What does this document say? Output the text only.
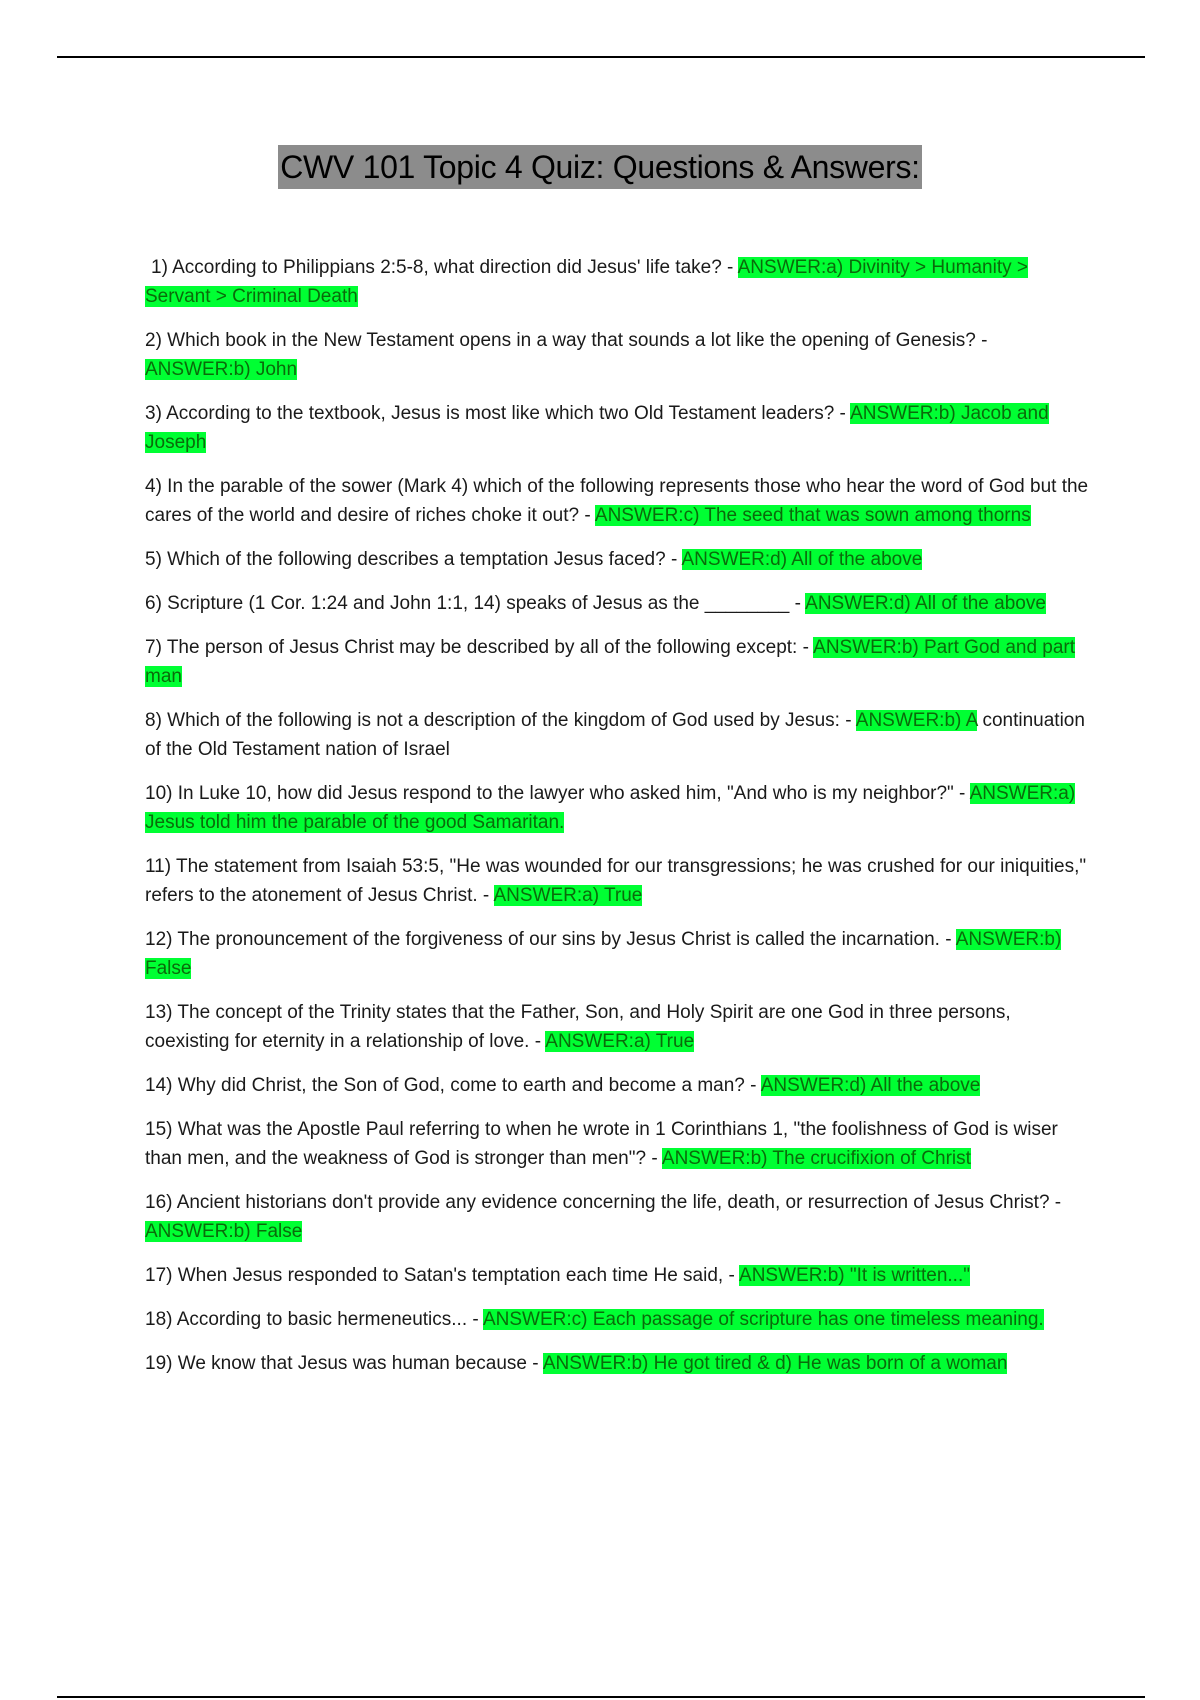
CWV 101 Topic 4 Quiz: Questions & Answers:

1) According to Philippians 2:5-8, what direction did Jesus' life take? - ANSWER:a) Divinity > Humanity > Servant > Criminal Death

2) Which book in the New Testament opens in a way that sounds a lot like the opening of Genesis? - ANSWER:b) John

3) According to the textbook, Jesus is most like which two Old Testament leaders? - ANSWER:b) Jacob and Joseph

4) In the parable of the sower (Mark 4) which of the following represents those who hear the word of God but the cares of the world and desire of riches choke it out? - ANSWER:c) The seed that was sown among thorns

5) Which of the following describes a temptation Jesus faced? - ANSWER:d) All of the above

6) Scripture (1 Cor. 1:24 and John 1:1, 14) speaks of Jesus as the ________ - ANSWER:d) All of the above

7) The person of Jesus Christ may be described by all of the following except: - ANSWER:b) Part God and part man

8) Which of the following is not a description of the kingdom of God used by Jesus: - ANSWER:b) A continuation of the Old Testament nation of Israel

10) In Luke 10, how did Jesus respond to the lawyer who asked him, "And who is my neighbor?" - ANSWER:a) Jesus told him the parable of the good Samaritan.

11) The statement from Isaiah 53:5, "He was wounded for our transgressions; he was crushed for our iniquities," refers to the atonement of Jesus Christ. - ANSWER:a) True

12) The pronouncement of the forgiveness of our sins by Jesus Christ is called the incarnation. - ANSWER:b) False

13) The concept of the Trinity states that the Father, Son, and Holy Spirit are one God in three persons, coexisting for eternity in a relationship of love. - ANSWER:a) True

14) Why did Christ, the Son of God, come to earth and become a man? - ANSWER:d) All the above

15) What was the Apostle Paul referring to when he wrote in 1 Corinthians 1, "the foolishness of God is wiser than men, and the weakness of God is stronger than men"? - ANSWER:b) The crucifixion of Christ

16) Ancient historians don't provide any evidence concerning the life, death, or resurrection of Jesus Christ? - ANSWER:b) False

17) When Jesus responded to Satan's temptation each time He said, - ANSWER:b) "It is written..."

18) According to basic hermeneutics... - ANSWER:c) Each passage of scripture has one timeless meaning.

19) We know that Jesus was human because - ANSWER:b) He got tired & d) He was born of a woman
